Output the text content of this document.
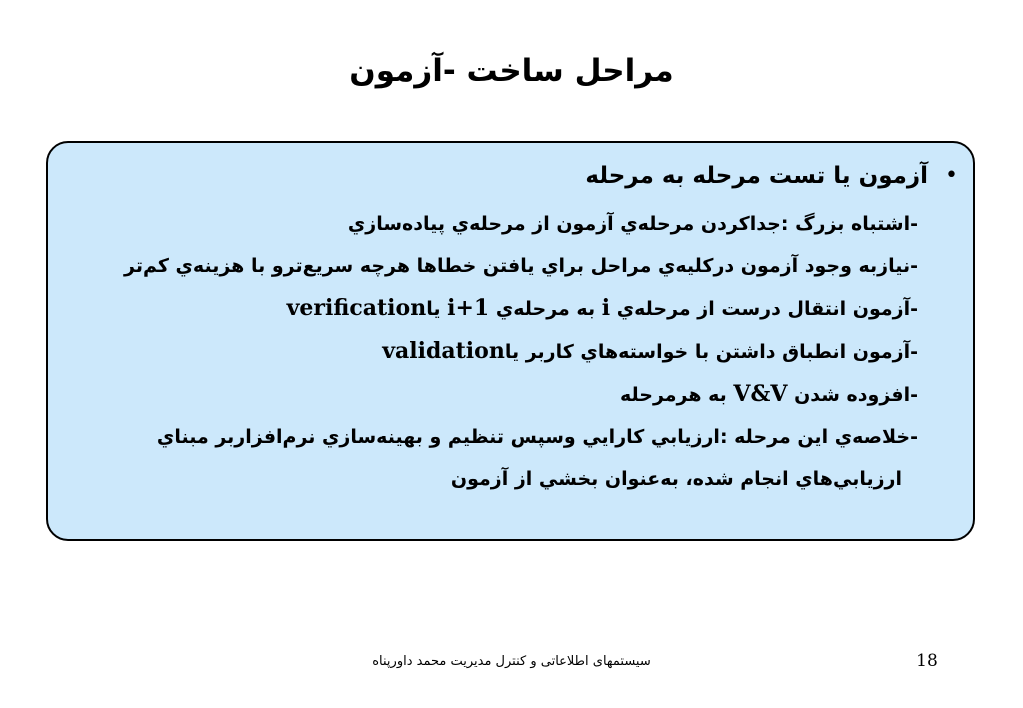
مراحل ساخت -آزمون
•
آزمون يا تست مرحله به مرحله
-اشتباه بزرگ :جداكردن مرحله‌ي آزمون از مرحله‌ي پياده‌سازي
-نيازبه وجود آزمون دركليه‌ي مراحل براي يافتن خطاها هرچه سريع‌ترو با هزينه‌ي كم‌تر
-آزمون انتقال درست از مرحله‌ي i به مرحله‌ي i+1 ياverification
-آزمون انطباق داشتن با خواسته‌هاي كاربر ياvalidation
-افزوده شدن V&V به هرمرحله
-خلاصه‌ي اين مرحله :ارزيابي كارايي وسپس تنظيم و بهينه‌سازي نرم‌افزاربر مبناي
ارزيابي‌هاي انجام شده، به‌عنوان بخشي از آزمون
سيستمهای اطلاعاتی و کنترل مديريت محمد داورپناه	18
